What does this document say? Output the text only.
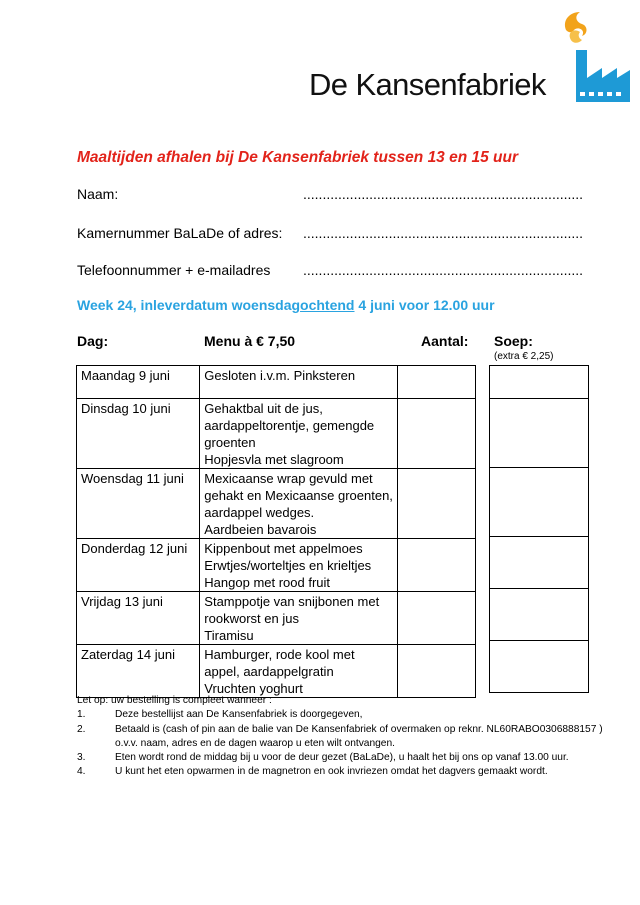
De Kansenfabriek
Maaltijden afhalen bij De Kansenfabriek tussen 13 en 15 uur
Naam:	........................................................................
Kamernummer BaLaDe of adres: ........................................................................
Telefoonnummer + e-mailadres ........................................................................
Week 24, inleverdatum woensdagochtend 4 juni voor 12.00 uur
Dag:	Menu à € 7,50	Aantal: Soep:
(extra € 2,25)
Maandag 9 juni	Gesloten i.v.m. Pinksteren	

Dinsdag 10 juni	Gehaktbal uit de jus,
aardappeltorentje, gemengde
groenten
Hopjesvla met slagroom	

Woensdag 11 juni	Mexicaanse wrap gevuld met
gehakt en Mexicaanse groenten,
aardappel wedges.
Aardbeien bavarois	

Donderdag 12 juni	Kippenbout met appelmoes
Erwtjes/worteltjes en krieltjes
Hangop met rood fruit	

Vrijdag 13 juni	Stamppotje van snijbonen met
rookworst en jus
Tiramisu	

Zaterdag 14 juni	Hamburger, rode kool met
appel, aardappelgratin
Vruchten yoghurt	

Let op: uw bestelling is compleet wanneer :
1.	Deze bestellijst aan De Kansenfabriek is doorgegeven,
2.	Betaald is (cash of pin aan de balie van De Kansenfabriek of overmaken op reknr. NL60RABO0306888157 ) o.v.v. naam, adres en de dagen waarop u eten wilt ontvangen.
3.	Eten wordt rond de middag bij u voor de deur gezet (BaLaDe), u haalt het bij ons op vanaf 13.00 uur.
4.	U kunt het eten opwarmen in de magnetron en ook invriezen omdat het dagvers gemaakt wordt.
